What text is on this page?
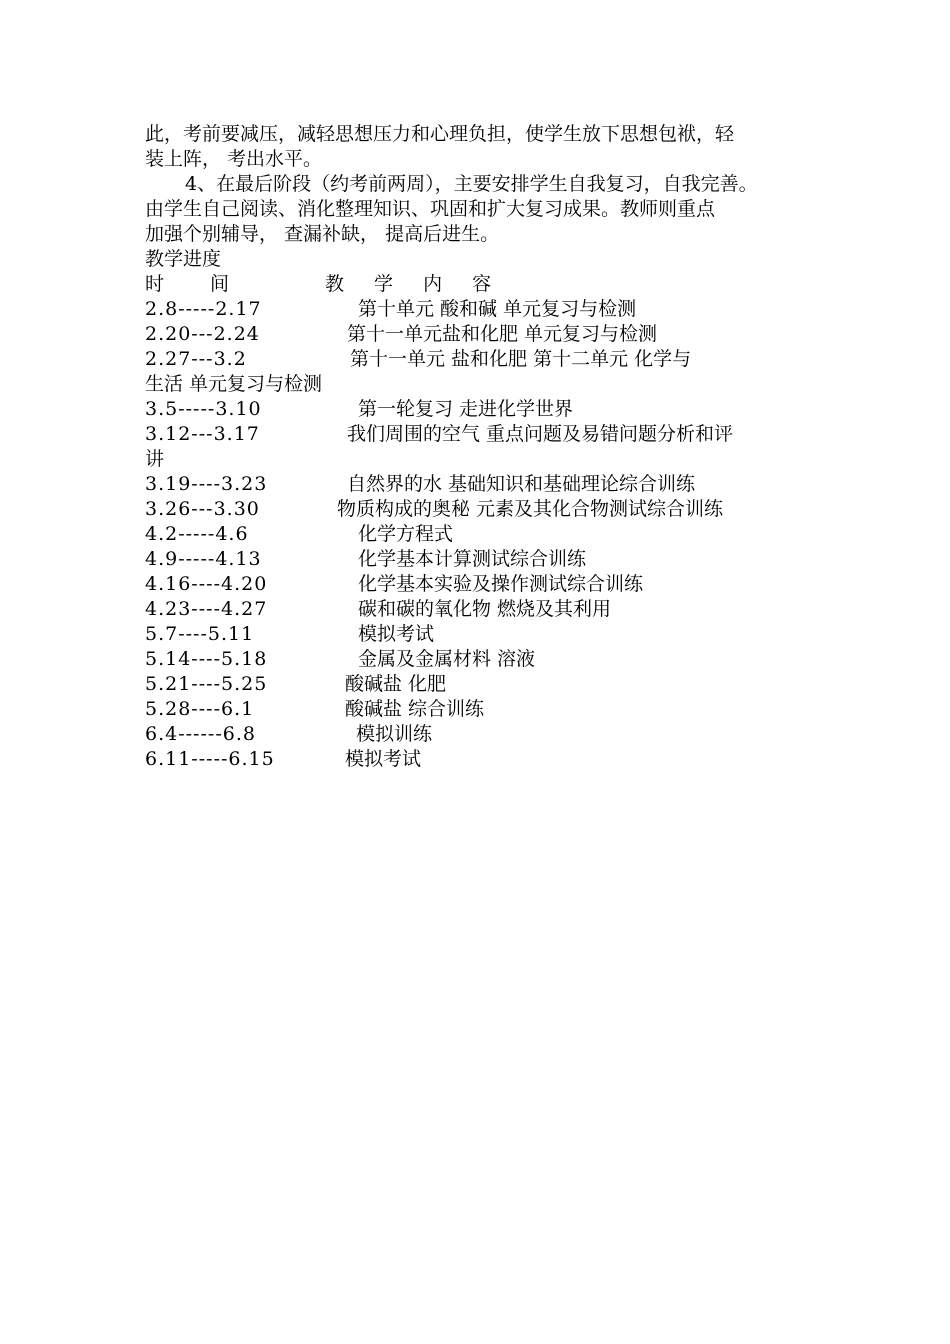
此，考前要减压，减轻思想压力和心理负担，使学生放下思想包袱，轻
装上阵， 考出水平。
4、在最后阶段（约考前两周），主要安排学生自我复习，自我完善。
由学生自己阅读、消化整理知识、巩固和扩大复习成果。教师则重点
加强个别辅导， 查漏补缺， 提高后进生。
教学进度
时 间	教 学 内 容
2.8-----2.17	第十单元 酸和碱 单元复习与检测
2.20---2.24	第十一单元盐和化肥 单元复习与检测
2.27---3.2	第十一单元 盐和化肥 第十二单元 化学与
生活 单元复习与检测
3.5-----3.10	第一轮复习 走进化学世界
3.12---3.17	我们周围的空气 重点问题及易错问题分析和评
讲
3.19----3.23	自然界的水 基础知识和基础理论综合训练
3.26---3.30	物质构成的奥秘 元素及其化合物测试综合训练
4.2-----4.6	化学方程式
4.9-----4.13	化学基本计算测试综合训练
4.16----4.20	化学基本实验及操作测试综合训练
4.23----4.27	碳和碳的氧化物 燃烧及其利用
5.7----5.11	模拟考试
5.14----5.18	金属及金属材料 溶液
5.21----5.25	酸碱盐 化肥
5.28----6.1	酸碱盐 综合训练
6.4------6.8	模拟训练
6.11-----6.15	模拟考试
